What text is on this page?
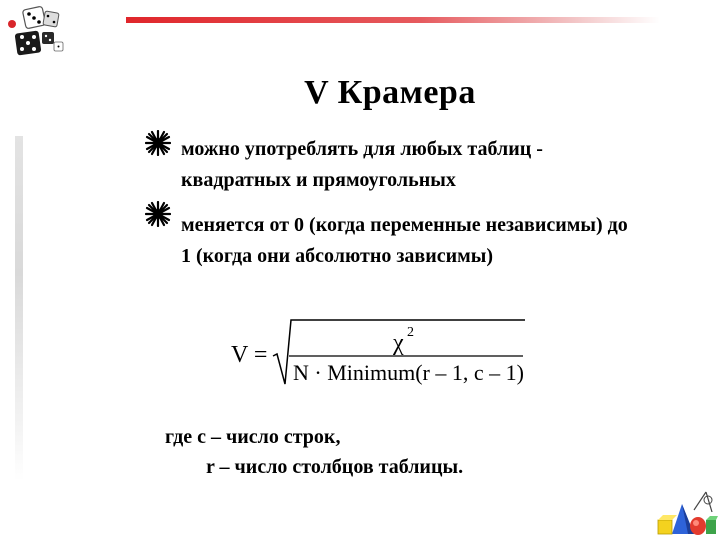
V Крамера
можно употреблять для любых таблиц - квадратных и прямоугольных
меняется от 0 (когда переменные независимы) до 1 (когда они абсолютно зависимы)
V =	χ 2
N · Minimum(r – 1, c – 1)
где с – число строк,
r – число столбцов таблицы.
